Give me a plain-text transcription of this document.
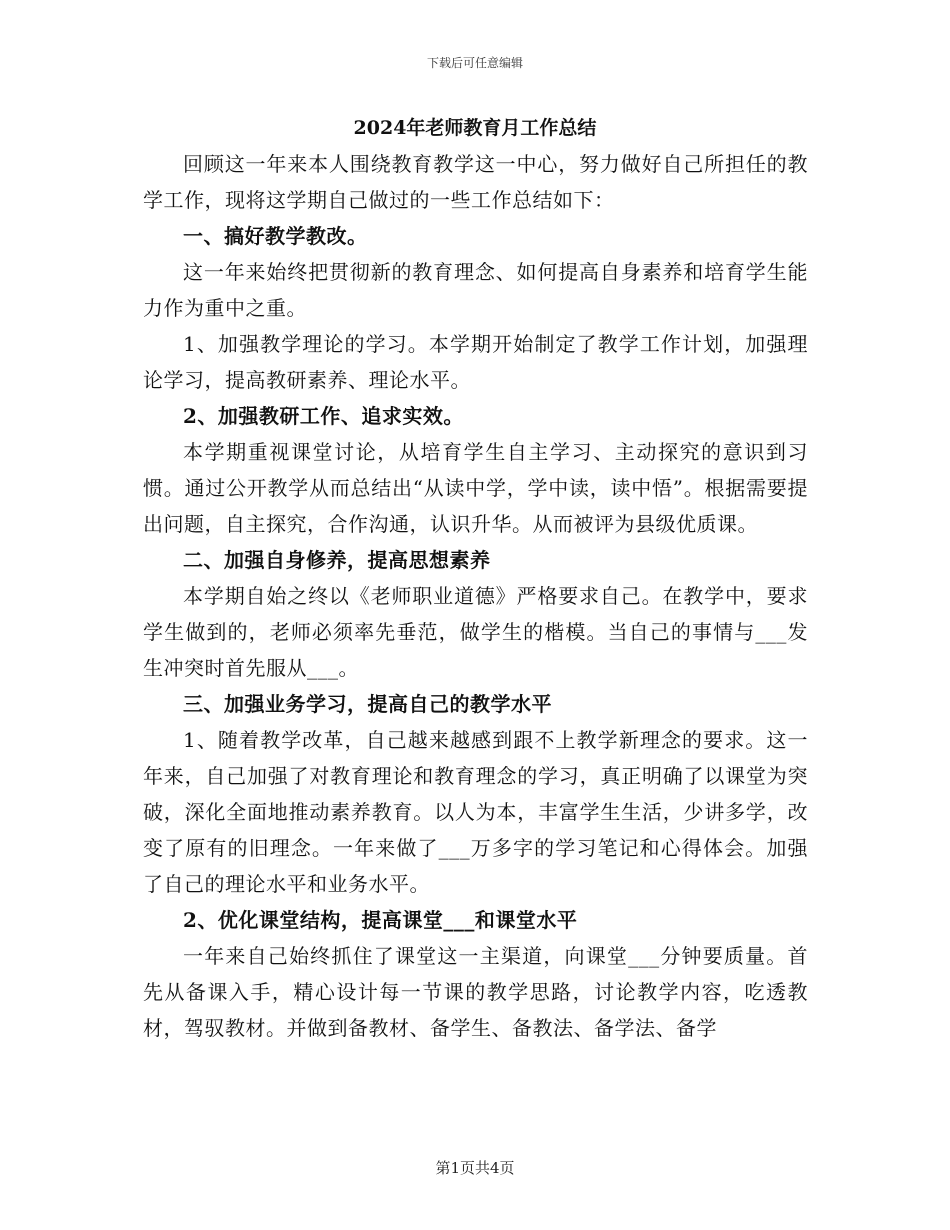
下载后可任意编辑
2024年老师教育月工作总结

回顾这一年来本人围绕教育教学这一中心，努力做好自己所担任的教学工作，现将这学期自己做过的一些工作总结如下：

一、搞好教学教改。

这一年来始终把贯彻新的教育理念、如何提高自身素养和培育学生能力作为重中之重。

1、加强教学理论的学习。本学期开始制定了教学工作计划，加强理论学习，提高教研素养、理论水平。

2、加强教研工作、追求实效。

本学期重视课堂讨论，从培育学生自主学习、主动探究的意识到习惯。通过公开教学从而总结出“从读中学，学中读，读中悟”。根据需要提出问题，自主探究，合作沟通，认识升华。从而被评为县级优质课。

二、加强自身修养，提高思想素养

本学期自始之终以《老师职业道德》严格要求自己。在教学中，要求学生做到的，老师必须率先垂范，做学生的楷模。当自己的事情与___发生冲突时首先服从___。

三、加强业务学习，提高自己的教学水平

1、随着教学改革，自己越来越感到跟不上教学新理念的要求。这一年来，自己加强了对教育理论和教育理念的学习，真正明确了以课堂为突破，深化全面地推动素养教育。以人为本，丰富学生生活，少讲多学，改变了原有的旧理念。一年来做了___万多字的学习笔记和心得体会。加强了自己的理论水平和业务水平。

2、优化课堂结构，提高课堂___和课堂水平

一年来自己始终抓住了课堂这一主渠道，向课堂___分钟要质量。首先从备课入手，精心设计每一节课的教学思路，讨论教学内容，吃透教材，驾驭教材。并做到备教材、备学生、备教法、备学法、备学

第1页共4页
